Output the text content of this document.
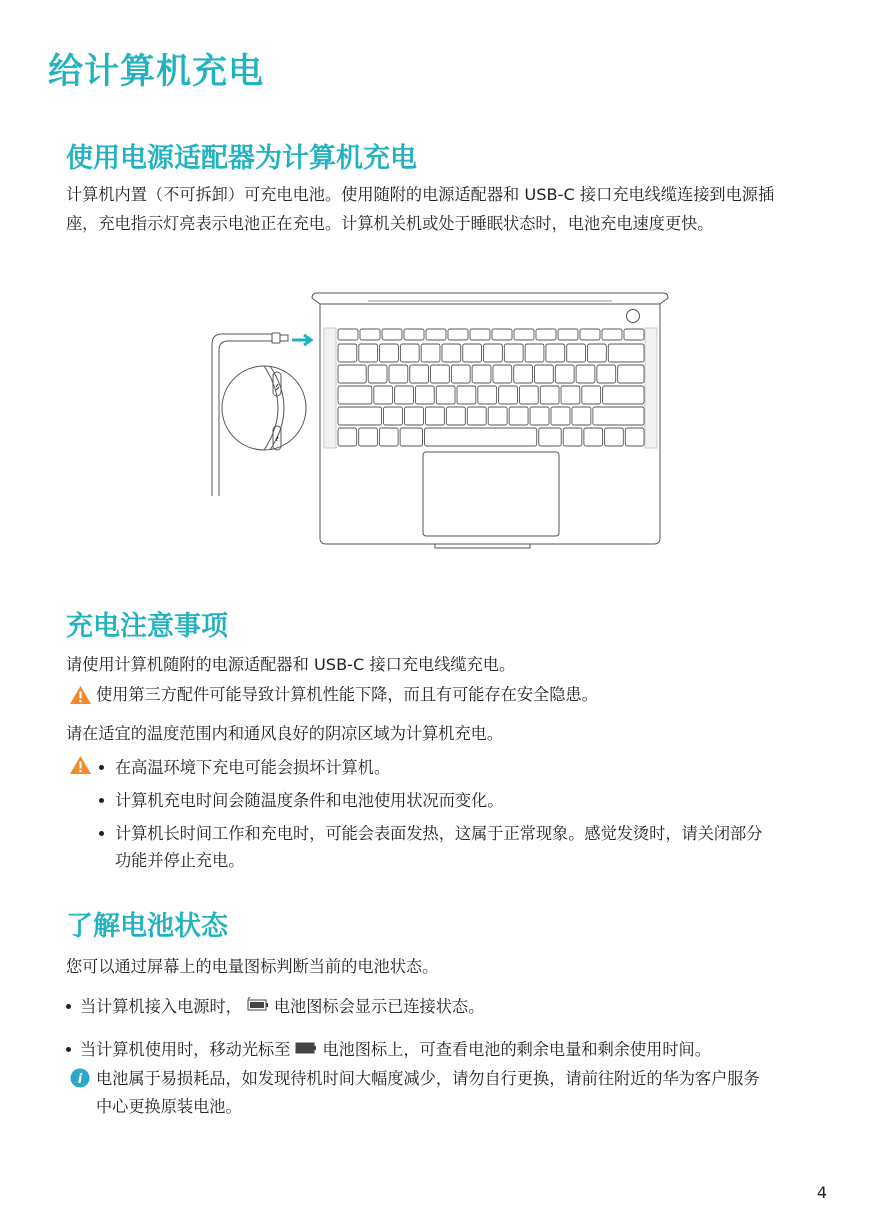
给计算机充电
使用电源适配器为计算机充电

计算机内置（不可拆卸）可充电电池。使用随附的电源适配器和 USB-C 接口充电线缆连接到电源插

座，充电指示灯亮表示电池正在充电。计算机关机或处于睡眠状态时，电池充电速度更快。

充电注意事项

请使用计算机随附的电源适配器和 USB-C 接口充电线缆充电。

使用第三方配件可能导致计算机性能下降，而且有可能存在安全隐患。

请在适宜的温度范围内和通风良好的阴凉区域为计算机充电。

在高温环境下充电可能会损坏计算机。

计算机充电时间会随温度条件和电池使用状况而变化。

计算机长时间工作和充电时，可能会表面发热，这属于正常现象。感觉发烫时，请关闭部分

功能并停止充电。

了解电池状态

您可以通过屏幕上的电量图标判断当前的电池状态。

当计算机接入电源时， 电池图标会显示已连接状态。

当计算机使用时，移动光标至 电池图标上，可查看电池的剩余电量和剩余使用时间。

i 电池属于易损耗品，如发现待机时间大幅度减少，请勿自行更换，请前往附近的华为客户服务

中心更换原装电池。

4
